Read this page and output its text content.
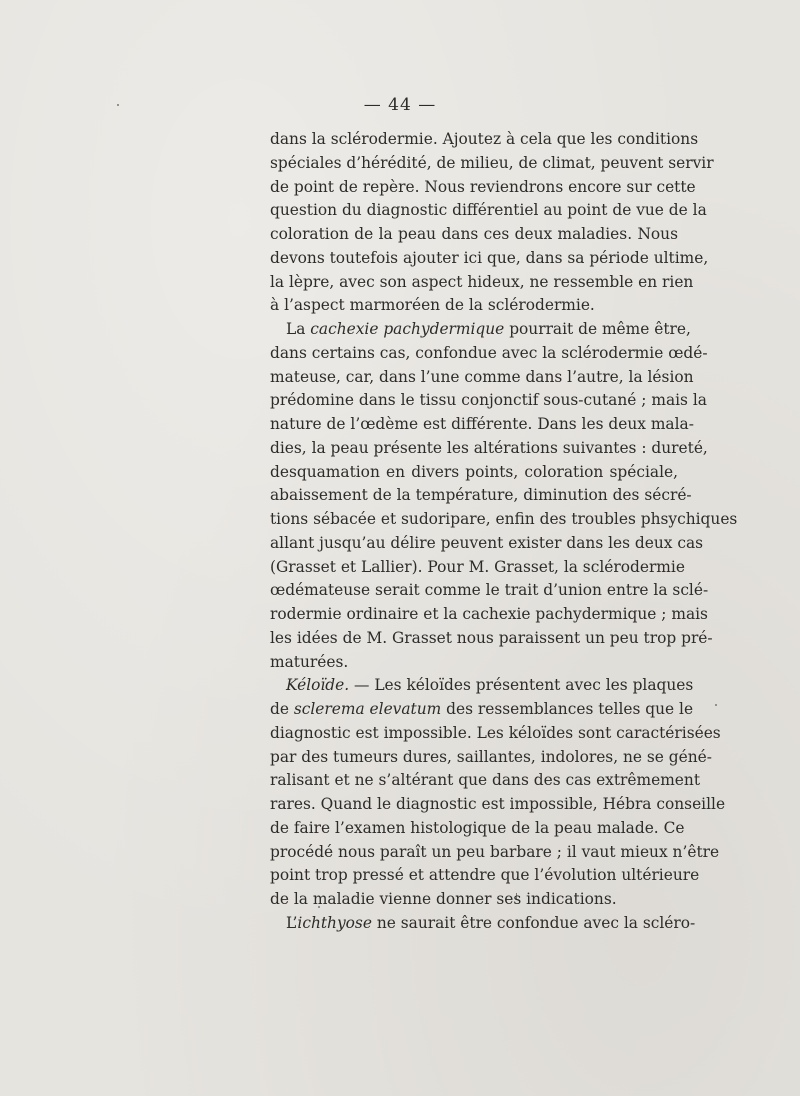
— 44 —
dans la sclérodermie. Ajoutez à cela que les conditions
spéciales d’hérédité, de milieu, de climat, peuvent servir
de point de repère. Nous reviendrons encore sur cette
question du diagnostic différentiel au point de vue de la
coloration de la peau dans ces deux maladies. Nous
devons toutefois ajouter ici que, dans sa période ultime,
la lèpre, avec son aspect hideux, ne ressemble en rien
à l’aspect marmoréen de la sclérodermie.
La cachexie pachydermique pourrait de même être,
dans certains cas, confondue avec la sclérodermie œdé-
mateuse, car, dans l’une comme dans l’autre, la lésion
prédomine dans le tissu conjonctif sous-cutané ; mais la
nature de l’œdème est différente. Dans les deux mala-
dies, la peau présente les altérations suivantes : dureté,
desquamation en divers points, coloration spéciale,
abaissement de la température, diminution des sécré-
tions sébacée et sudoripare, enfin des troubles phsychiques
allant jusqu’au délire peuvent exister dans les deux cas
(Grasset et Lallier). Pour M. Grasset, la sclérodermie
œdémateuse serait comme le trait d’union entre la sclé-
rodermie ordinaire et la cachexie pachydermique ; mais
les idées de M. Grasset nous paraissent un peu trop pré-
maturées.
Kéloïde. — Les kéloïdes présentent avec les plaques
de sclerema elevatum des ressemblances telles que le
diagnostic est impossible. Les kéloïdes sont caractérisées
par des tumeurs dures, saillantes, indolores, ne se géné-
ralisant et ne s’altérant que dans des cas extrêmement
rares. Quand le diagnostic est impossible, Hébra conseille
de faire l’examen histologique de la peau malade. Ce
procédé nous paraît un peu barbare ; il vaut mieux n’être
point trop pressé et attendre que l’évolution ultérieure
de la maladie vienne donner ses indications.
L’ichthyose ne saurait être confondue avec la scléro-
